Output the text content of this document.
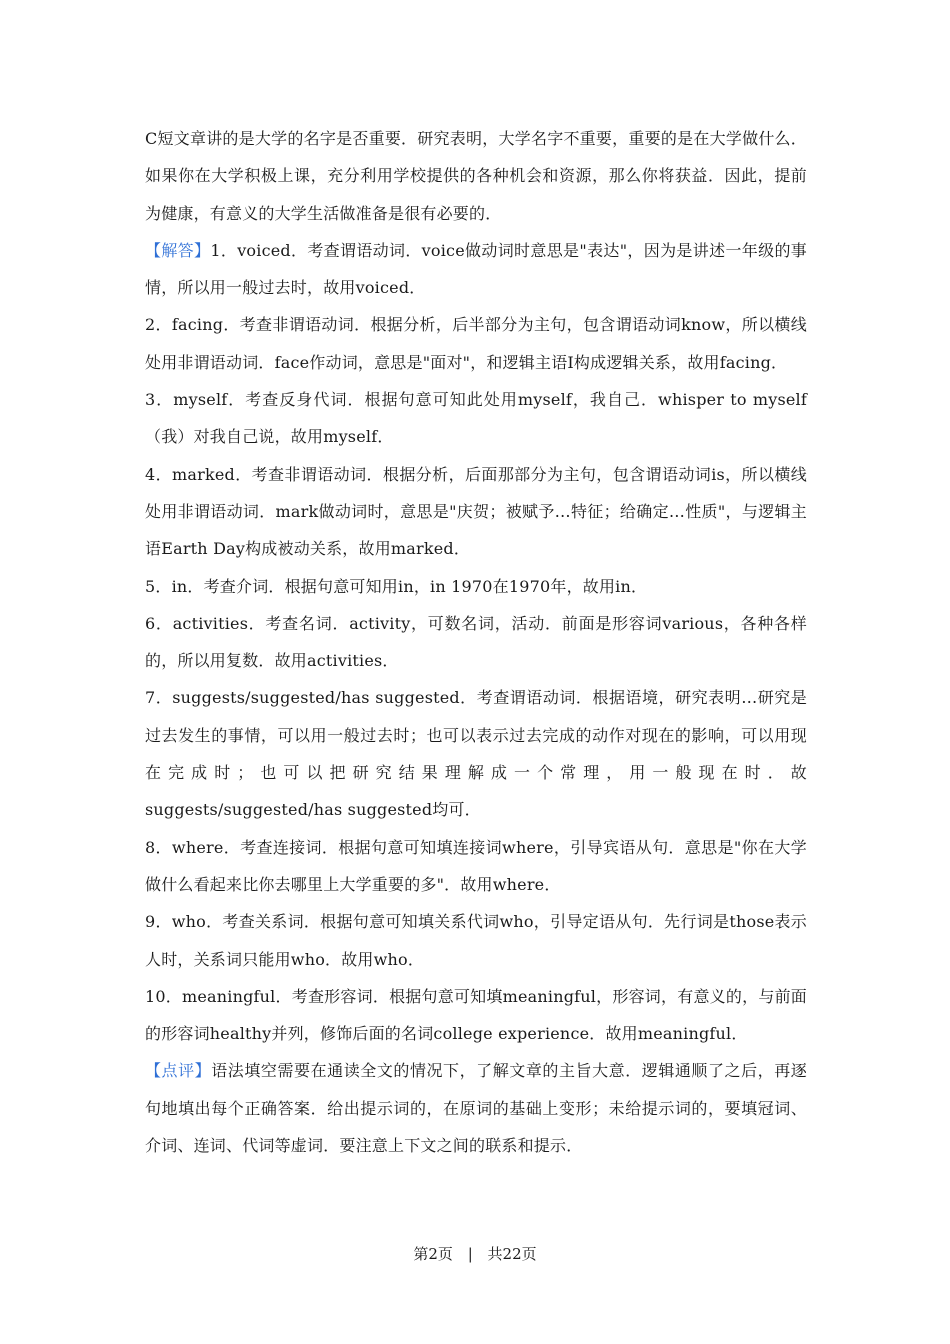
C短文章讲的是大学的名字是否重要．研究表明，大学名字不重要，重要的是在大学做什么．如果你在大学积极上课，充分利用学校提供的各种机会和资源，那么你将获益．因此，提前为健康，有意义的大学生活做准备是很有必要的．

【解答】1．voiced．考查谓语动词．voice做动词时意思是"表达"，因为是讲述一年级的事情，所以用一般过去时，故用voiced．

2．facing．考查非谓语动词．根据分析，后半部分为主句，包含谓语动词know，所以横线处用非谓语动词．face作动词，意思是"面对"，和逻辑主语I构成逻辑关系，故用facing．

3．myself．考查反身代词．根据句意可知此处用myself，我自己．whisper to myself （我）对我自己说，故用myself．

4．marked．考查非谓语动词．根据分析，后面那部分为主句，包含谓语动词is，所以横线处用非谓语动词．mark做动词时，意思是"庆贺；被赋予…特征；给确定…性质"，与逻辑主语Earth Day构成被动关系，故用marked．

5．in．考查介词．根据句意可知用in，in 1970在1970年，故用in．

6．activities．考查名词．activity，可数名词，活动．前面是形容词various，各种各样的，所以用复数．故用activities．

7．suggests/suggested/has suggested．考查谓语动词．根据语境，研究表明…研究是过去发生的事情，可以用一般过去时；也可以表示过去完成的动作对现在的影响，可以用现在完成时；也可以把研究结果理解成一个常理，用一般现在时．故suggests/suggested/has suggested均可．

8．where．考查连接词．根据句意可知填连接词where，引导宾语从句．意思是"你在大学做什么看起来比你去哪里上大学重要的多"．故用where．

9．who．考查关系词．根据句意可知填关系代词who，引导定语从句．先行词是those表示人时，关系词只能用who．故用who．

10．meaningful．考查形容词．根据句意可知填meaningful，形容词，有意义的，与前面的形容词healthy并列，修饰后面的名词college experience．故用meaningful．

【点评】语法填空需要在通读全文的情况下，了解文章的主旨大意．逻辑通顺了之后，再逐句地填出每个正确答案．给出提示词的，在原词的基础上变形；未给提示词的，要填冠词、介词、连词、代词等虚词．要注意上下文之间的联系和提示．

第2页 | 共22页
